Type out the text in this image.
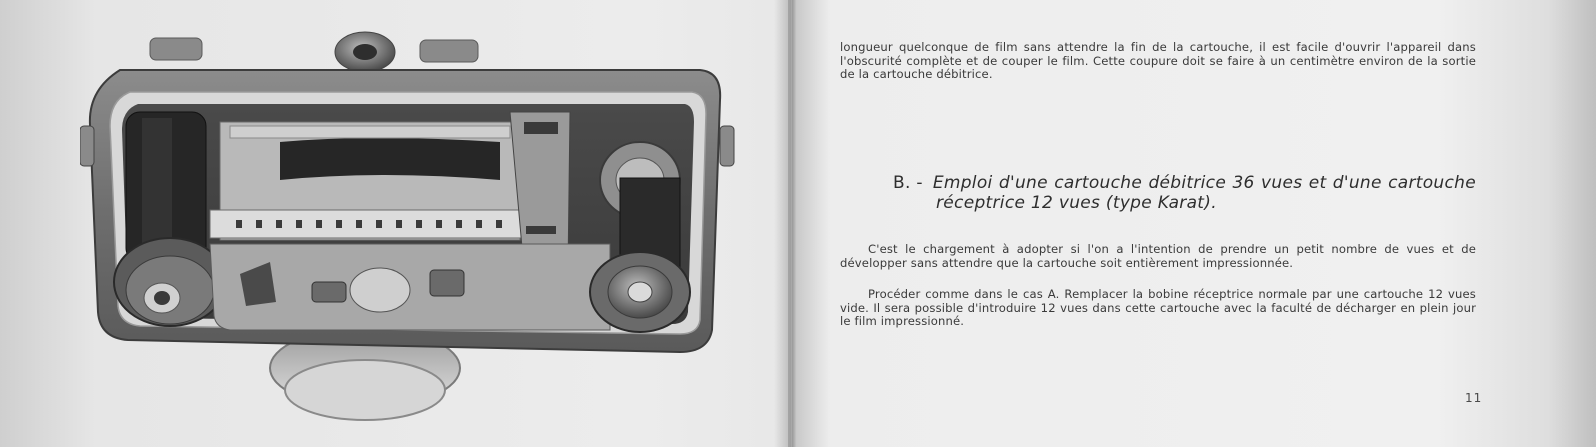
longueur quelconque de film sans attendre la fin de la cartouche, il est facile d'ouvrir l'appareil dans l'obscurité complète et de couper le film. Cette coupure doit se faire à un centimètre environ de la sortie de la cartouche débitrice.

B. - Emploi d'une cartouche débitrice 36 vues et d'une cartouche
réceptrice 12 vues (type Karat).

C'est le chargement à adopter si l'on a l'intention de prendre un petit nombre de vues et de développer sans attendre que la cartouche soit entièrement impressionnée.

Procéder comme dans le cas A. Remplacer la bobine réceptrice normale par une cartouche 12 vues vide. Il sera possible d'introduire 12 vues dans cette cartouche avec la faculté de décharger en plein jour le film impressionné.

11
